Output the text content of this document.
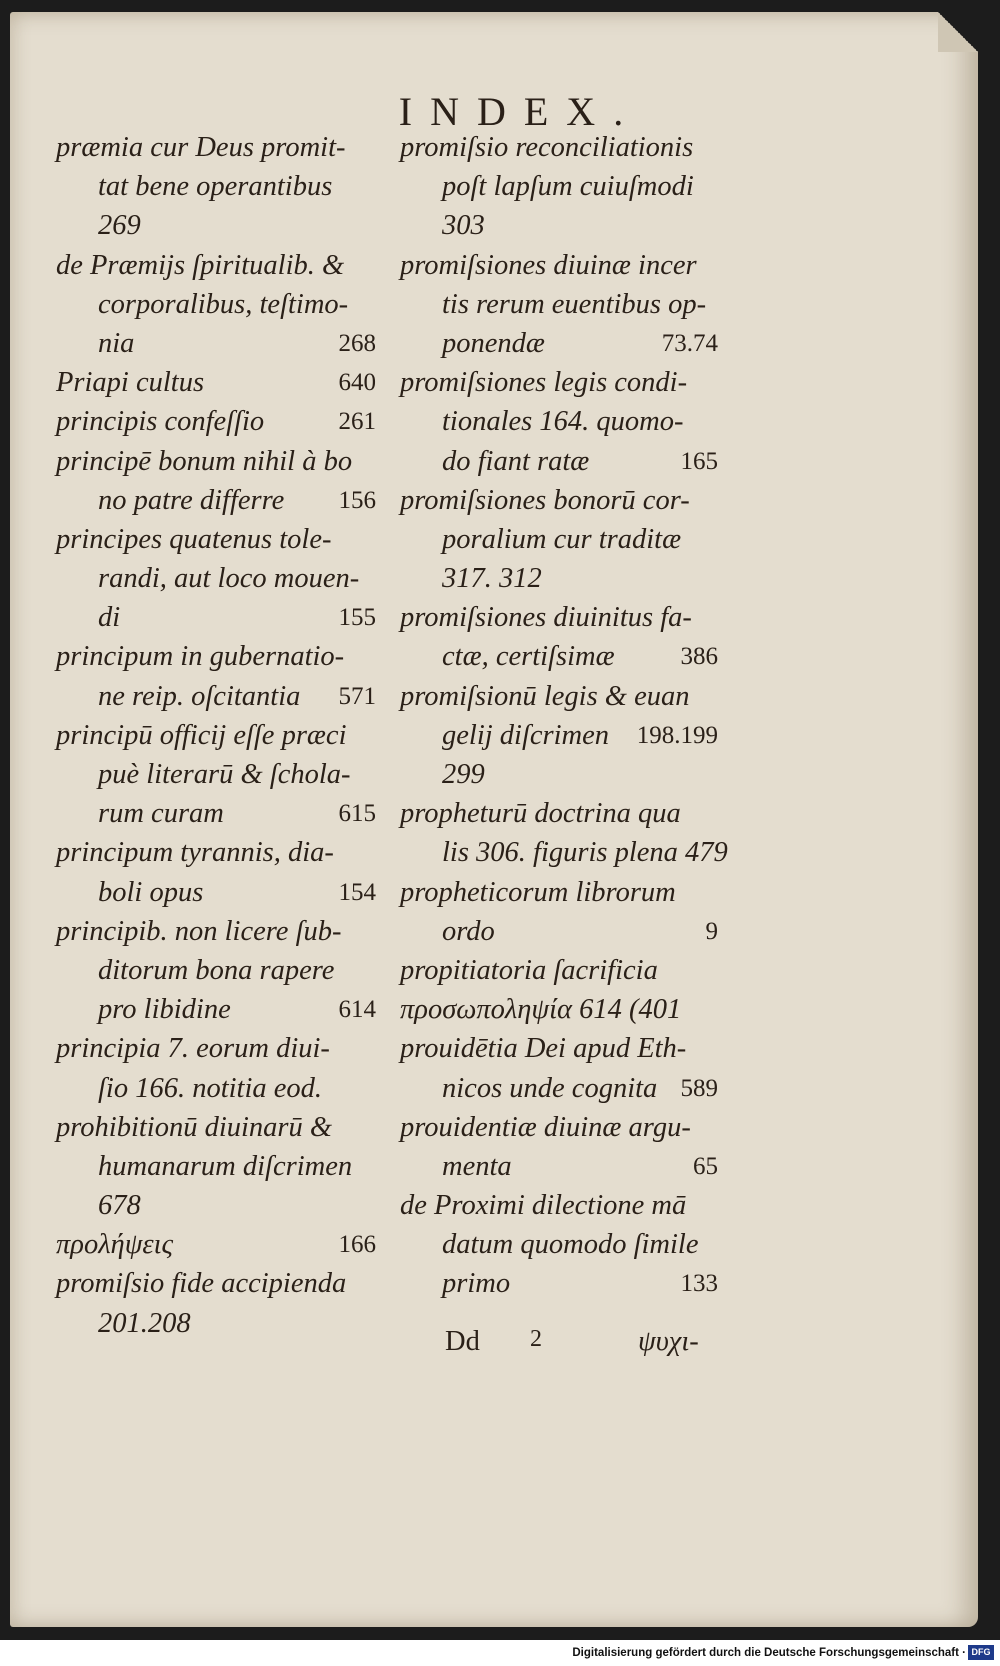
INDEX.
præmia cur Deus promit-
tat bene operantibus
269
de Præmijs ſpiritualib. &
corporalibus, teſtimo-
nia	268
Priapi cultus	640
principis confeſſio	261
principē bonum nihil à bo
no patre differre 156
principes quatenus tole-
randi, aut loco mouen-
di	155
principum in gubernatio-
ne reip. oſcitantia 571
principū officij eſſe præci
puè literarū & ſchola-
rum curam	615
principum tyrannis, dia-
boli opus	154
principib. non licere ſub-
ditorum bona rapere
pro libidine	614
principia 7. eorum diui-
ſio 166. notitia eod.
prohibitionū diuinarū &
humanarum diſcrimen
678
προλήψεις	166
promiſsio fide accipienda
201.208
promiſsio reconciliationis
poſt lapſum cuiuſmodi
303
promiſsiones diuinæ incer
tis rerum euentibus op-
ponendæ	73.74
promiſsiones legis condi-
tionales 164. quomo-
do fiant ratæ	165
promiſsiones bonorū cor-
poralium cur traditæ
317. 312
promiſsiones diuinitus fa-
ctæ, certiſsimæ	386
promiſsionū legis & euan
gelij diſcrimen 198.199
299
propheturū doctrina qua
lis 306. figuris plena 479
propheticorum librorum
ordo	9
propitiatoria ſacrificia
προσωποληψία 614 (401
prouidētia Dei apud Eth-
nicos unde cognita 589
prouidentiæ diuinæ argu-
menta	65
de Proximi dilectione mā
datum quomodo ſimile
primo	133
Dd 2	ψυχι-
Digitalisierung gefördert durch die Deutsche Forschungsgemeinschaft · DFG
